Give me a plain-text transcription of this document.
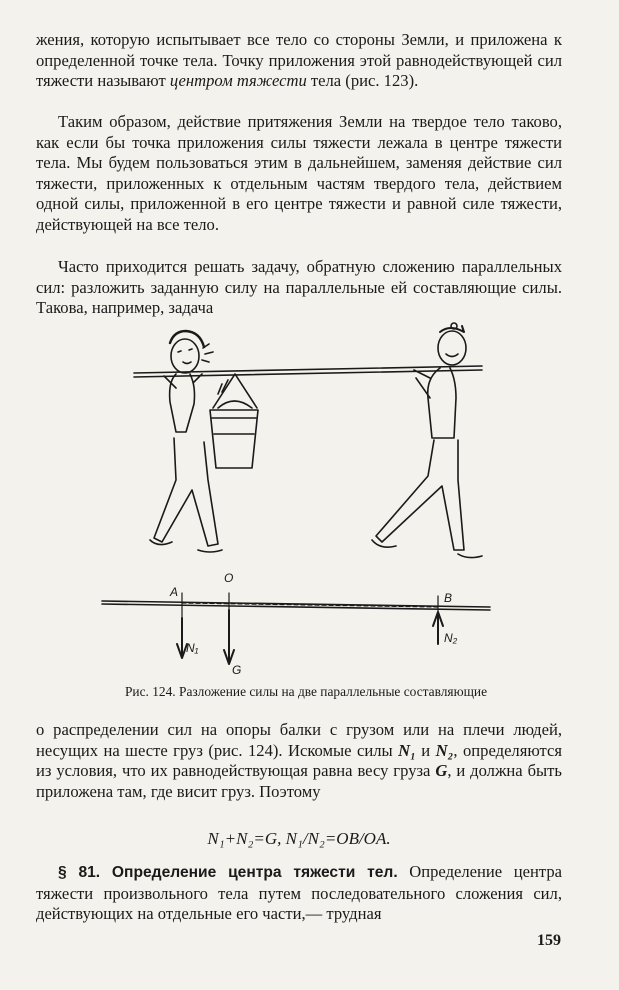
жения, которую испытывает все тело со стороны Земли, и приложена к определенной точке тела. Точку приложения этой равнодействующей сил тяжести называют центром тяжести тела (рис. 123).

Таким образом, действие притяжения Земли на твердое тело таково, как если бы точка приложения силы тяжести лежала в центре тяжести тела. Мы будем пользоваться этим в дальнейшем, заменяя действие сил тяжести, приложенных к отдельным частям твердого тела, действием одной силы, приложенной в его центре тяжести и равной силе тяжести, действующей на все тело.

Часто приходится решать задачу, обратную сложению параллельных сил: разложить заданную силу на параллельные ей составляющие силы. Такова, например, задача

A
O
B
N₁
G
N₂
Рис. 124. Разложение силы на две параллельные составляющие

о распределении сил на опоры балки с грузом или на плечи людей, несущих на шесте груз (рис. 124). Искомые силы N₁ и N₂, определяются из условия, что их равнодействующая равна весу груза G, и должна быть приложена там, где висит груз. Поэтому

N₁+N₂=G, N₁/N₂=OB/OA.

§ 81. Определение центра тяжести тел. Определение центра тяжести произвольного тела путем последовательного сложения сил, действующих на отдельные его части,— трудная

159
